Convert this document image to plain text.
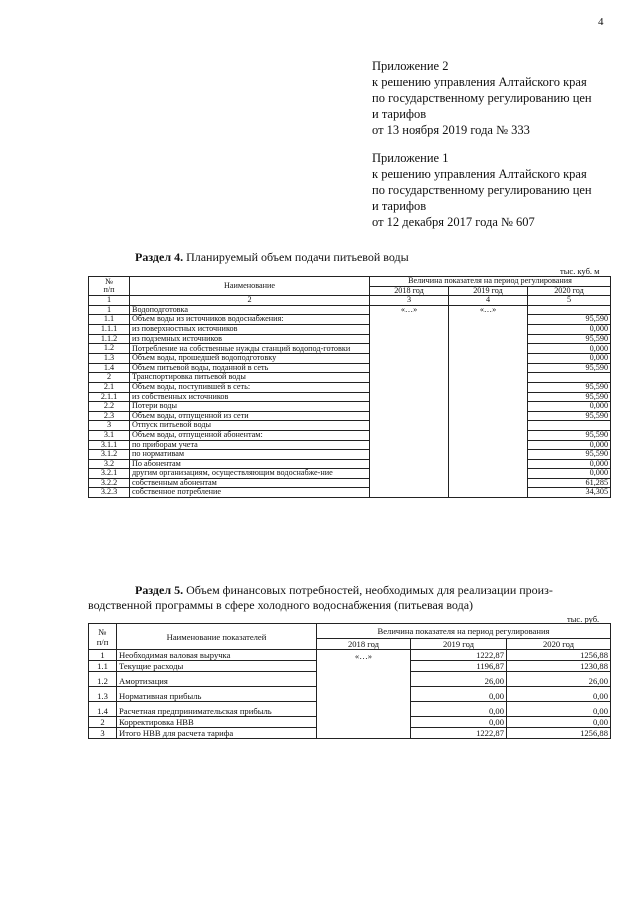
4
Приложение 2
к решению управления Алтайского края
по государственному регулированию цен
и тарифов
от 13 ноября 2019 года № 333
Приложение 1
к решению управления Алтайского края
по государственному регулированию цен
и тарифов
от 12 декабря 2017 года № 607
Раздел 4. Планируемый объем подачи питьевой воды
тыс. куб. м
№
п/п	Наименование	Величина показателя на период регулирования		
		2018 год	2019 год	2020 год
1	2	3	4	5
1	Водоподготовка	«…»	«…»	
1.1	Объем воды из источников водоснабжения:			95,590
1.1.1	из поверхностных источников			0,000
1.1.2	из подземных источников			95,590
1.2	Потребление на собственные нужды станций водопод-готовки			0,000
1.3	Объем воды, прошедшей водоподготовку			0,000
1.4	Объем питьевой воды, поданной в сеть			95,590
2	Транспортировка питьевой воды			
2.1	Объем воды, поступившей в сеть:			95,590
2.1.1	из собственных источников			95,590
2.2	Потери воды			0,000
2.3	Объем воды, отпущенной из сети			95,590
3	Отпуск питьевой воды			
3.1	Объем воды, отпущенной абонентам:			95,590
3.1.1	по приборам учета			0,000
3.1.2	по нормативам			95,590
3.2	По абонентам			0,000
3.2.1	другим организациям, осуществляющим водоснабже-ние			0,000
3.2.2	собственным абонентам			61,285
3.2.3	собственное потребление			34,305
Раздел 5. Объем финансовых потребностей, необходимых для реализации произ-
водственной программы в сфере холодного водоснабжения (питьевая вода)
тыс. руб.
№
п/п	Наименование показателей	Величина показателя на период регулирования		
		2018 год	2019 год	2020 год
1	Необходимая валовая выручка	«…»	1222,87	1256,88
1.1	Текущие расходы		1196,87	1230,88
1.2	Амортизация		26,00	26,00
1.3	Нормативная прибыль		0,00	0,00
1.4	Расчетная предпринимательская прибыль		0,00	0,00
2	Корректировка НВВ		0,00	0,00
3	Итого НВВ для расчета тарифа		1222,87	1256,88
